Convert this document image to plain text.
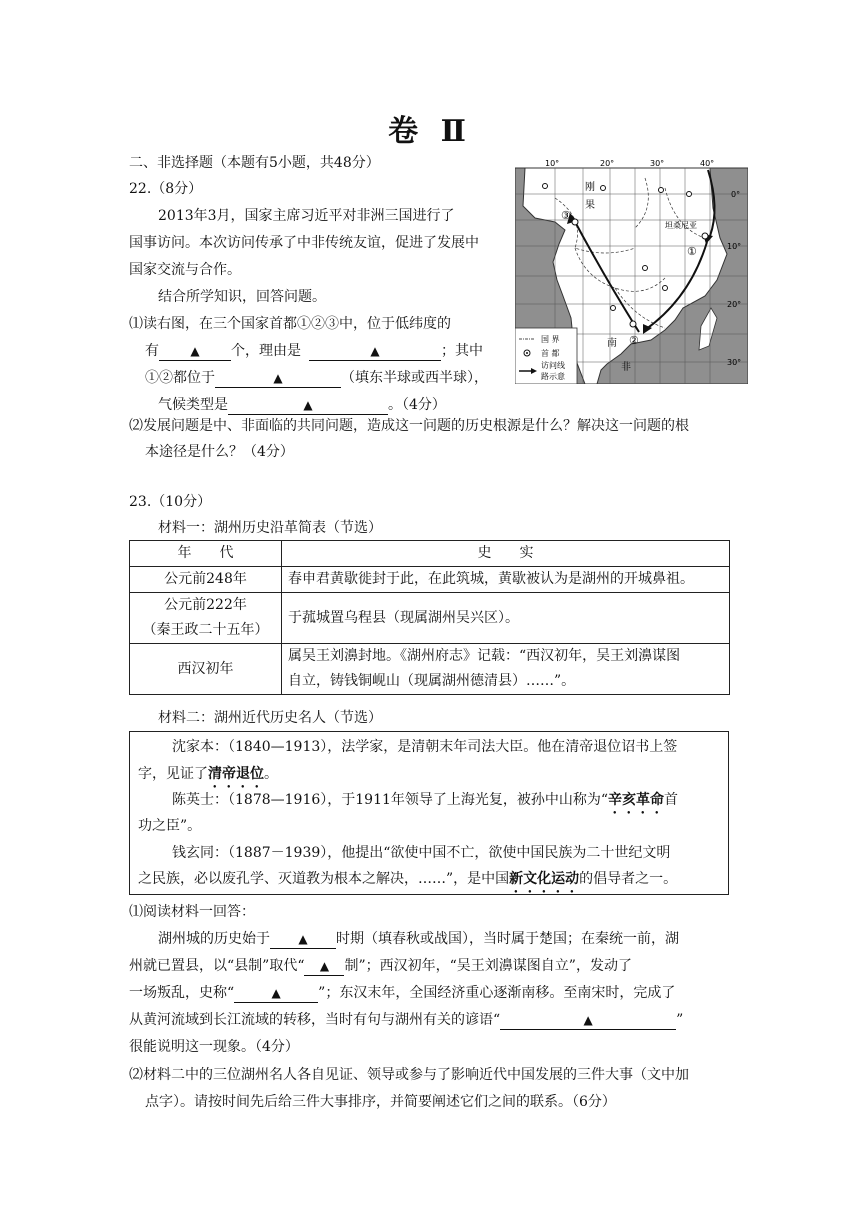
卷 Ⅱ
二、非选择题（本题有5小题，共48分）
22.（8分）
2013年3月，国家主席习近平对非洲三国进行了
国事访问。本次访问传承了中非传统友谊，促进了发展中
国家交流与合作。
结合所学知识，回答问题。
⑴读右图，在三个国家首都①②③中，位于低纬度的
有	▲ 个，理由是	▲	；其中
①②都位于	▲	（填东半球或西半球），
气候类型是	▲	。（4分）
⑵发展问题是中、非面临的共同问题，造成这一问题的历史根源是什么？解决这一问题的根
本途径是什么？（4分）
10°	20°	30°	40°
0°
10°
20°
30°
刚
果
坦桑尼亚
南
非
①
②
③
国 界
首 都
访问线
路示意
23.（10分）
材料一：湖州历史沿革简表（节选）
年　　代	史　　实
公元前248年	春申君黄歇徙封于此，在此筑城，黄歇被认为是湖州的开城鼻祖。

公元前222年
（秦王政二十五年）	于菰城置乌程县（现属湖州吴兴区）。
西汉初年	属吴王刘濞封地。《湖州府志》记载：“西汉初年，吴王刘濞谋图
自立，铸钱铜岘山（现属湖州德清县）……”。
材料二：湖州近代历史名人（节选）
沈家本：（1840—1913），法学家，是清朝末年司法大臣。他在清帝退位诏书上签
字，见证了清帝退位。
陈英士：（1878—1916），于1911年领导了上海光复，被孙中山称为“辛亥革命首
功之臣”。
钱玄同：（1887－1939），他提出“欲使中国不亡，欲使中国民族为二十世纪文明
之民族，必以废孔学、灭道教为根本之解决，……”，是中国新文化运动的倡导者之一。
⑴阅读材料一回答：
湖州城的历史始于 ▲ 时期（填春秋或战国），当时属于楚国；在秦统一前，湖
州就已置县，以“县制”取代“ ▲ 制”；西汉初年，“吴王刘濞谋图自立”，发动了
一场叛乱，史称“	▲	”；东汉末年，全国经济重心逐渐南移。至南宋时，完成了
从黄河流域到长江流域的转移，当时有句与湖州有关的谚语“	▲	”
很能说明这一现象。（4分）
⑵材料二中的三位湖州名人各自见证、领导或参与了影响近代中国发展的三件大事（文中加
点字）。请按时间先后给三件大事排序，并简要阐述它们之间的联系。（6分）
